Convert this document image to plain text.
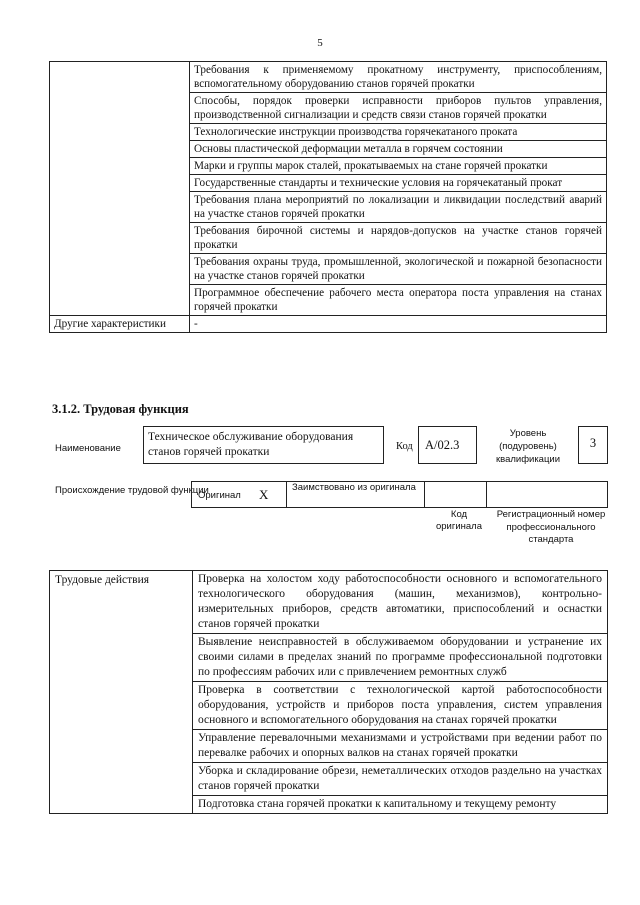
5
	Требования к применяемому прокатному инструменту, приспособлениям, вспомогательному оборудованию станов горячей прокатки
	Способы, порядок проверки исправности приборов пультов управления, производственной сигнализации и средств связи станов горячей прокатки
	Технологические инструкции производства горячекатаного проката
	Основы пластической деформации металла в горячем состоянии
	Марки и группы марок сталей, прокатываемых на стане горячей прокатки
	Государственные стандарты и технические условия на горячекатаный прокат
	Требования плана мероприятий по локализации и ликвидации последствий аварий на участке станов горячей прокатки
	Требования бирочной системы и нарядов-допусков на участке станов горячей прокатки
	Требования охраны труда, промышленной, экологической и пожарной безопасности на участке станов горячей прокатки
	Программное обеспечение рабочего места оператора поста управления на станах горячей прокатки
Другие характеристики	-
3.1.2. Трудовая функция
Наименование
Техническое обслуживание оборудования станов горячей прокатки	Код А/02.3
Уровень (подуровень) квалификации
3
Происхождение трудовой функции
Оригинал X Заимствовано из оригинала
Код оригинала
Регистрационный номер профессионального стандарта
Трудовые действия	Проверка на холостом ходу работоспособности основного и вспомогательного технологического оборудования (машин, механизмов), контрольно-измерительных приборов, средств автоматики, приспособлений и оснастки станов горячей прокатки
Выявление неисправностей в обслуживаемом оборудовании и устранение их своими силами в пределах знаний по программе профессиональной подготовки по профессиям рабочих или с привлечением ремонтных служб
Проверка в соответствии с технологической картой работоспособности оборудования, устройств и приборов поста управления, систем управления основного и вспомогательного оборудования на станах горячей прокатки
Управление перевалочными механизмами и устройствами при ведении работ по перевалке рабочих и опорных валков на станах горячей прокатки
Уборка и складирование обрези, неметаллических отходов раздельно на участках станов горячей прокатки
Подготовка стана горячей прокатки к капитальному и текущему ремонту
